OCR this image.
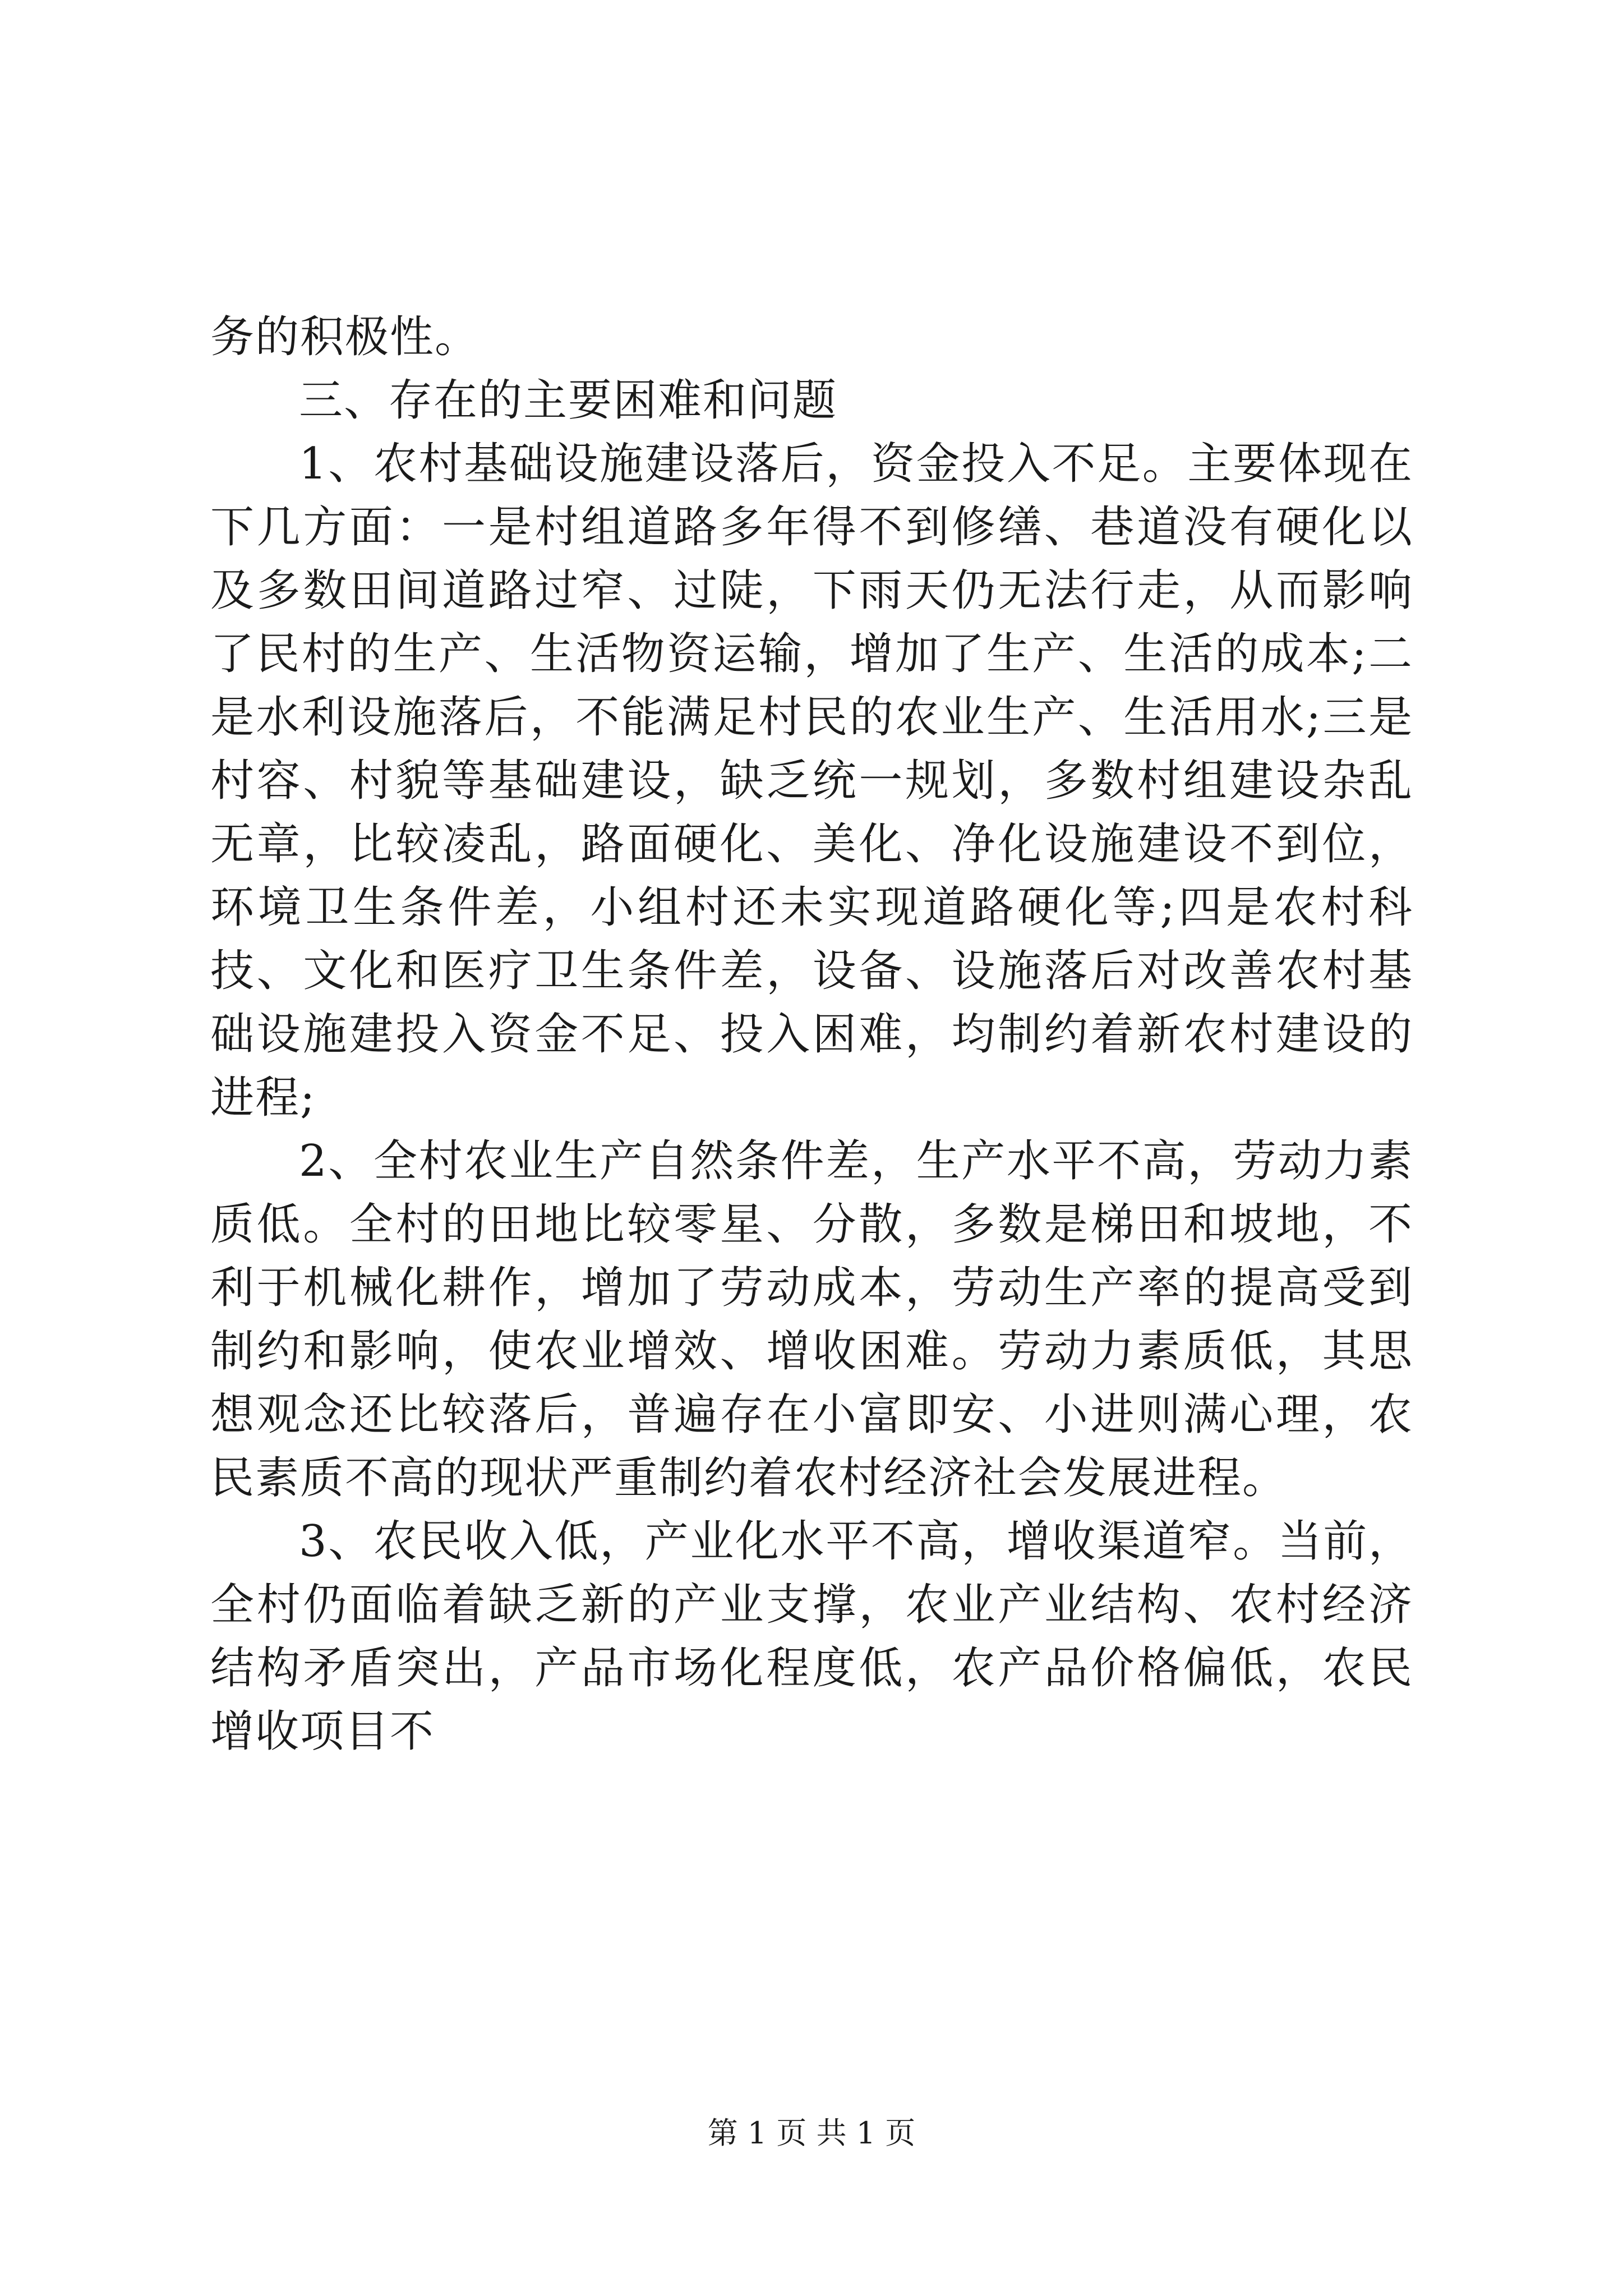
务的积极性。

三、存在的主要困难和问题

1、农村基础设施建设落后，资金投入不足。主要体现在下几方面：一是村组道路多年得不到修缮、巷道没有硬化以及多数田间道路过窄、过陡，下雨天仍无法行走，从而影响了民村的生产、生活物资运输，增加了生产、生活的成本;二是水利设施落后，不能满足村民的农业生产、生活用水;三是村容、村貌等基础建设，缺乏统一规划，多数村组建设杂乱无章，比较凌乱，路面硬化、美化、净化设施建设不到位，环境卫生条件差，小组村还未实现道路硬化等;四是农村科技、文化和医疗卫生条件差，设备、设施落后对改善农村基础设施建投入资金不足、投入困难，均制约着新农村建设的进程;

2、全村农业生产自然条件差，生产水平不高，劳动力素质低。全村的田地比较零星、分散，多数是梯田和坡地，不利于机械化耕作，增加了劳动成本，劳动生产率的提高受到制约和影响，使农业增效、增收困难。劳动力素质低，其思想观念还比较落后，普遍存在小富即安、小进则满心理，农民素质不高的现状严重制约着农村经济社会发展进程。

3、农民收入低，产业化水平不高，增收渠道窄。当前，全村仍面临着缺乏新的产业支撑，农业产业结构、农村经济结构矛盾突出，产品市场化程度低，农产品价格偏低，农民增收项目不

第 1 页 共 1 页
